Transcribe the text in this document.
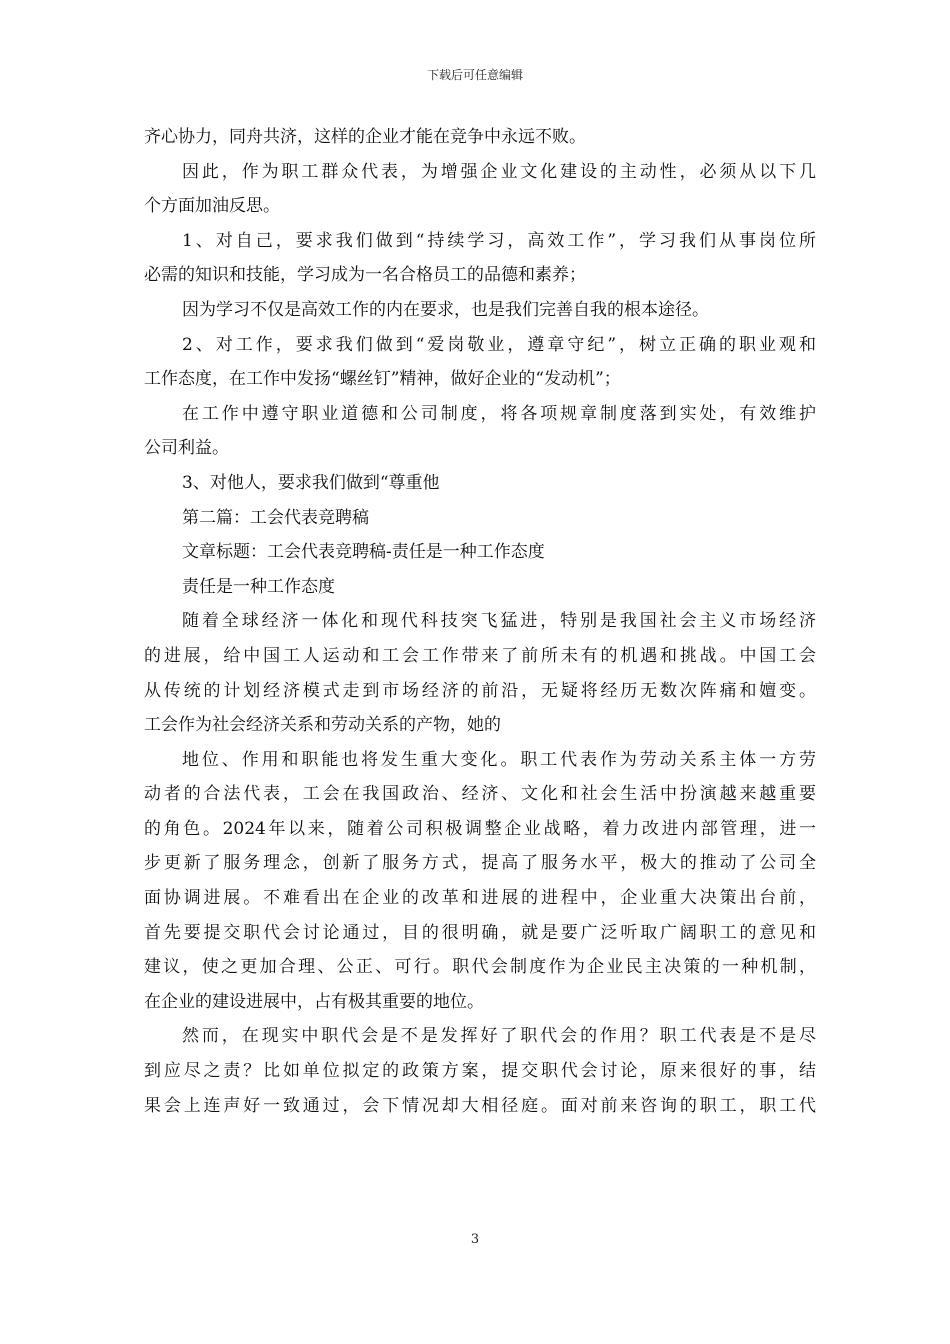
下载后可任意编辑
齐心协力，同舟共济，这样的企业才能在竞争中永远不败。
因此，作为职工群众代表，为增强企业文化建设的主动性，必须从以下几
个方面加油反思。
1、对自己，要求我们做到“持续学习，高效工作”，学习我们从事岗位所
必需的知识和技能，学习成为一名合格员工的品德和素养；
因为学习不仅是高效工作的内在要求，也是我们完善自我的根本途径。
2、对工作，要求我们做到“爱岗敬业，遵章守纪”，树立正确的职业观和
工作态度，在工作中发扬“螺丝钉”精神，做好企业的“发动机”；
在工作中遵守职业道德和公司制度，将各项规章制度落到实处，有效维护
公司利益。
3、对他人，要求我们做到“尊重他
第二篇：工会代表竞聘稿
文章标题：工会代表竞聘稿-责任是一种工作态度
责任是一种工作态度
随着全球经济一体化和现代科技突飞猛进，特别是我国社会主义市场经济
的进展，给中国工人运动和工会工作带来了前所未有的机遇和挑战。中国工会
从传统的计划经济模式走到市场经济的前沿，无疑将经历无数次阵痛和嬗变。
工会作为社会经济关系和劳动关系的产物，她的
地位、作用和职能也将发生重大变化。职工代表作为劳动关系主体一方劳
动者的合法代表，工会在我国政治、经济、文化和社会生活中扮演越来越重要
的角色。2024年以来，随着公司积极调整企业战略，着力改进内部管理，进一
步更新了服务理念，创新了服务方式，提高了服务水平，极大的推动了公司全
面协调进展。不难看出在企业的改革和进展的进程中，企业重大决策出台前，
首先要提交职代会讨论通过，目的很明确，就是要广泛听取广阔职工的意见和
建议，使之更加合理、公正、可行。职代会制度作为企业民主决策的一种机制，
在企业的建设进展中，占有极其重要的地位。
然而，在现实中职代会是不是发挥好了职代会的作用？职工代表是不是尽
到应尽之责？比如单位拟定的政策方案，提交职代会讨论，原来很好的事，结
果会上连声好一致通过，会下情况却大相径庭。面对前来咨询的职工，职工代
3
